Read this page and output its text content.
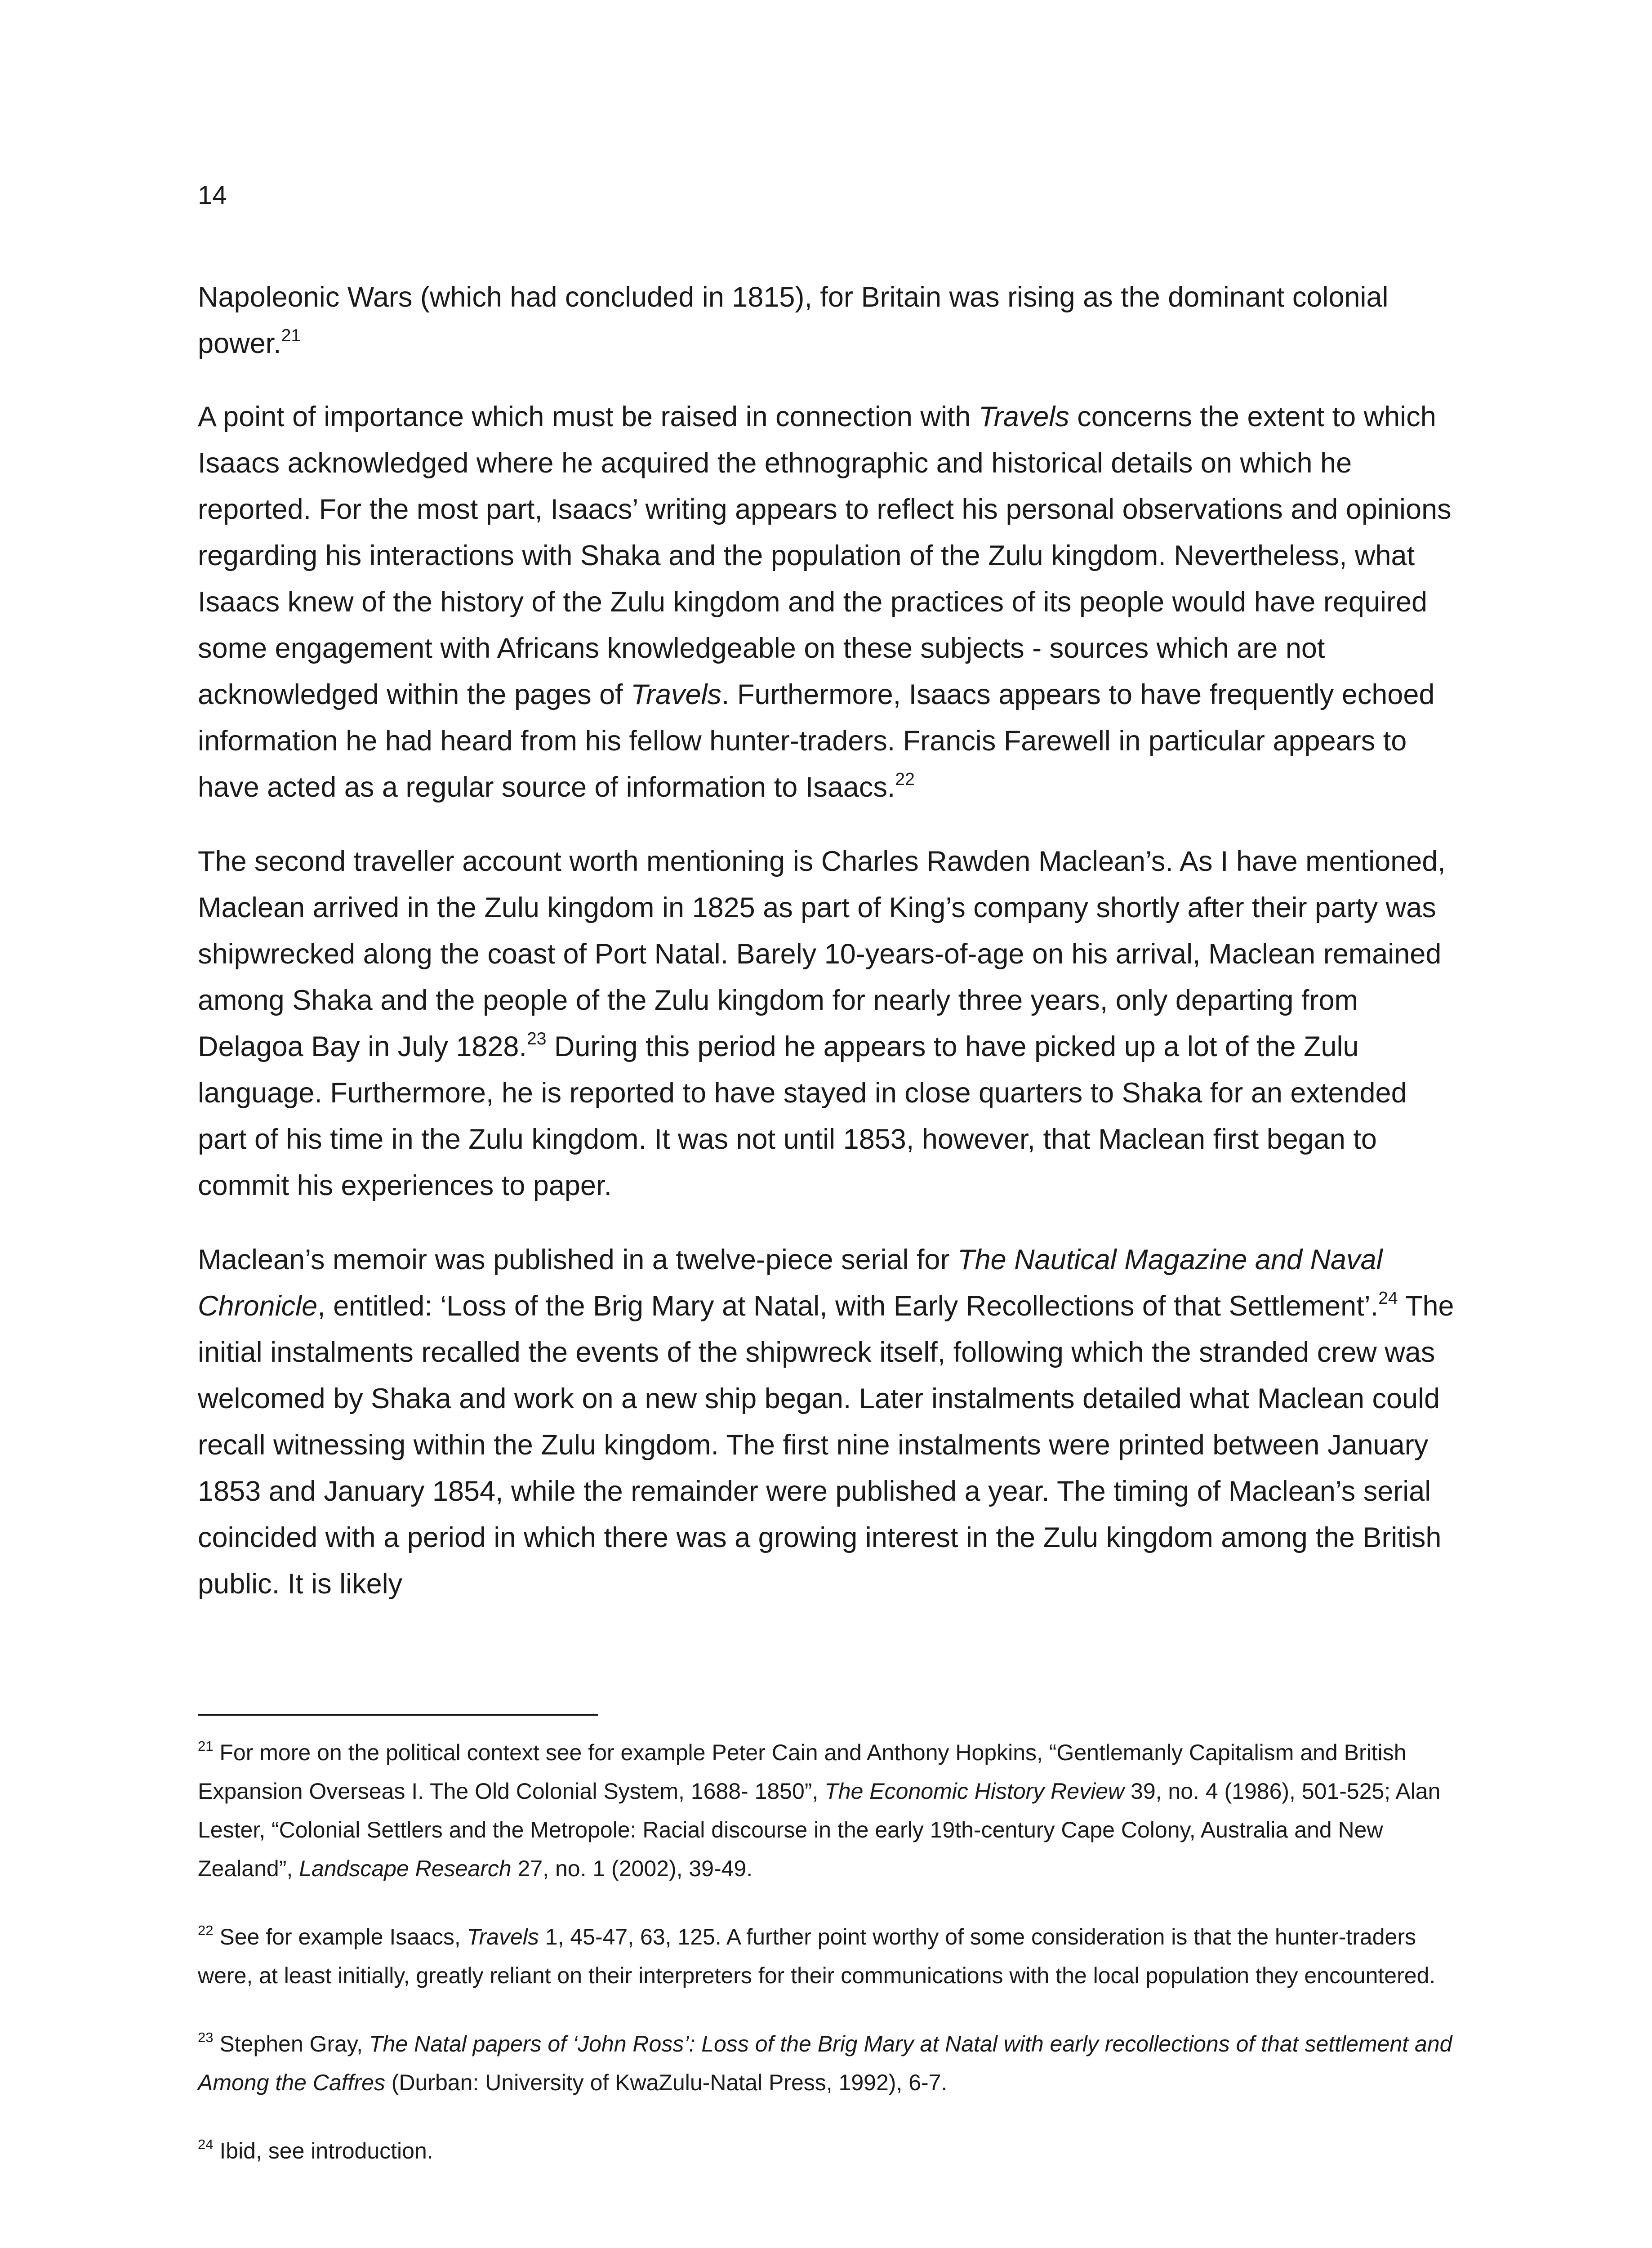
14

Napoleonic Wars (which had concluded in 1815), for Britain was rising as the dominant colonial power.$^{21}$

A point of importance which must be raised in connection with Travels concerns the extent to which Isaacs acknowledged where he acquired the ethnographic and historical details on which he reported. For the most part, Isaacs’ writing appears to reflect his personal observations and opinions regarding his interactions with Shaka and the population of the Zulu kingdom. Nevertheless, what Isaacs knew of the history of the Zulu kingdom and the practices of its people would have required some engagement with Africans knowledgeable on these subjects - sources which are not acknowledged within the pages of Travels. Furthermore, Isaacs appears to have frequently echoed information he had heard from his fellow hunter-traders. Francis Farewell in particular appears to have acted as a regular source of information to Isaacs.$^{22}$

The second traveller account worth mentioning is Charles Rawden Maclean’s. As I have mentioned, Maclean arrived in the Zulu kingdom in 1825 as part of King’s company shortly after their party was shipwrecked along the coast of Port Natal. Barely 10-years-of-age on his arrival, Maclean remained among Shaka and the people of the Zulu kingdom for nearly three years, only departing from Delagoa Bay in July 1828.23 During this period he appears to have picked up a lot of the Zulu language. Furthermore, he is reported to have stayed in close quarters to Shaka for an extended part of his time in the Zulu kingdom. It was not until 1853, however, that Maclean first began to commit his experiences to paper.

Maclean’s memoir was published in a twelve-piece serial for The Nautical Magazine and Naval Chronicle, entitled: ‘Loss of the Brig Mary at Natal, with Early Recollections of that Settlement’.$^{24}$ The initial instalments recalled the events of the shipwreck itself, following which the stranded crew was welcomed by Shaka and work on a new ship began. Later instalments detailed what Maclean could recall witnessing within the Zulu kingdom. The first nine instalments were printed between January 1853 and January 1854, while the remainder were published a year. The timing of Maclean’s serial coincided with a period in which there was a growing interest in the Zulu kingdom among the British public. It is likely

$^{21}$ For more on the political context see for example Peter Cain and Anthony Hopkins, “Gentlemanly Capitalism and British Expansion Overseas I. The Old Colonial System, 1688- 1850”, The Economic History Review 39, no. 4 (1986), 501-525; Alan Lester, “Colonial Settlers and the Metropole: Racial discourse in the early 19th-century Cape Colony, Australia and New Zealand”, Landscape Research 27, no. 1 (2002), 39-49.

$^{22}$ See for example Isaacs, Travels 1, 45-47, 63, 125. A further point worthy of some consideration is that the hunter-traders were, at least initially, greatly reliant on their interpreters for their communications with the local population they encountered.

$^{23}$ Stephen Gray, The Natal papers of ‘John Ross’: Loss of the Brig Mary at Natal with early recollections of that settlement and Among the Caffres (Durban: University of KwaZulu-Natal Press, 1992), 6-7.

$^{24}$ Ibid, see introduction.
